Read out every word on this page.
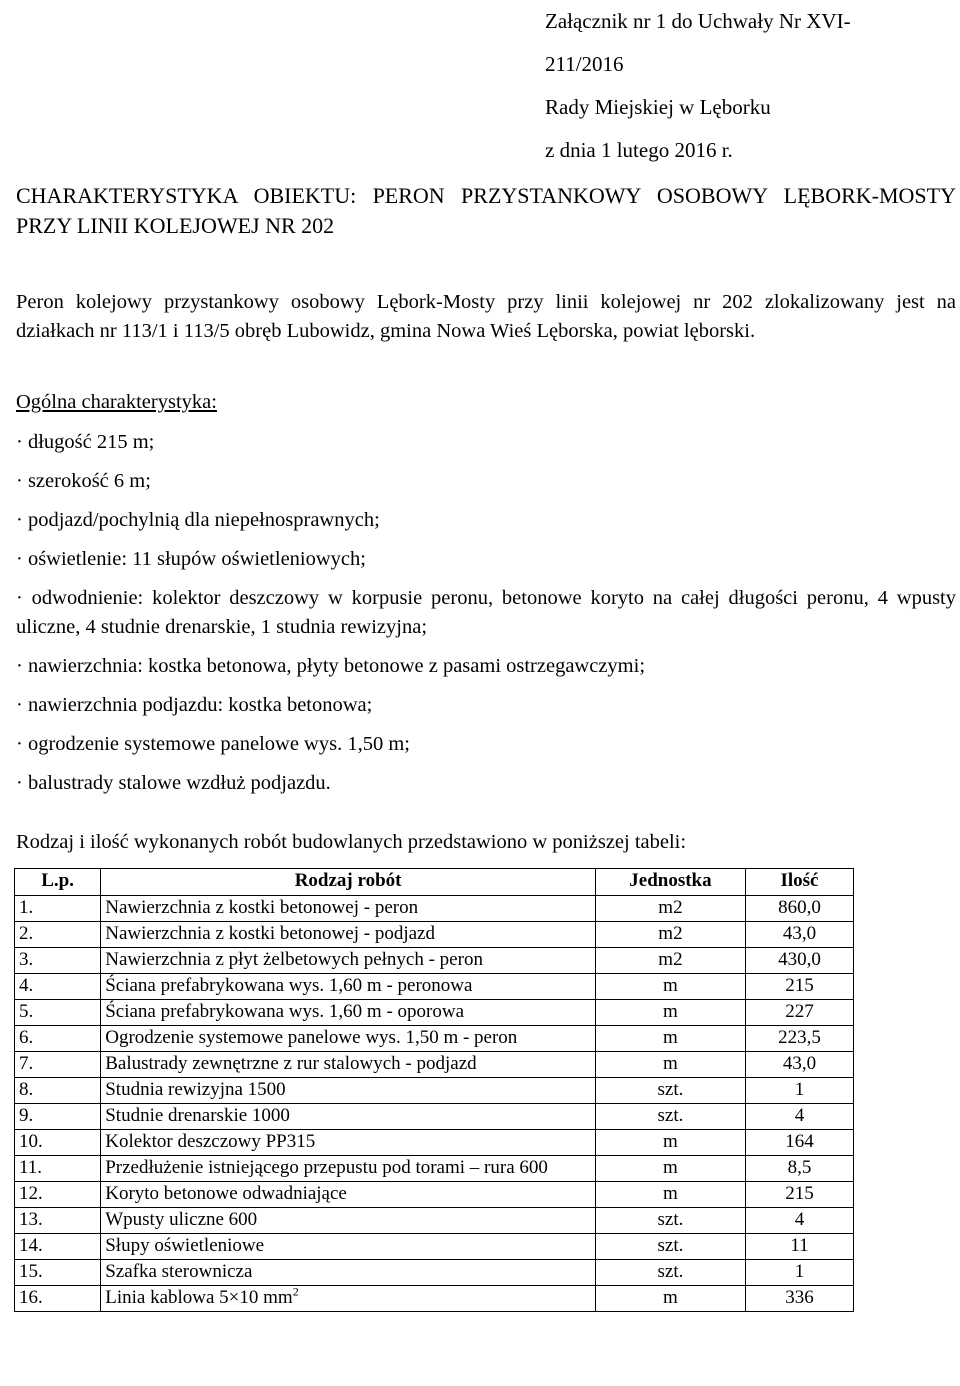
Załącznik nr 1 do Uchwały Nr XVI-
211/2016
Rady Miejskiej w Lęborku
z dnia 1 lutego 2016 r.
CHARAKTERYSTYKA OBIEKTU: PERON PRZYSTANKOWY OSOBOWY LĘBORK-MOSTY PRZY LINII KOLEJOWEJ NR 202
Peron kolejowy przystankowy osobowy Lębork-Mosty przy linii kolejowej nr 202 zlokalizowany jest na działkach nr 113/1 i 113/5 obręb Lubowidz, gmina Nowa Wieś Lęborska, powiat lęborski.
Ogólna charakterystyka:
· długość 215 m;
· szerokość 6 m;
· podjazd/pochylnią dla niepełnosprawnych;
· oświetlenie: 11 słupów oświetleniowych;
· odwodnienie: kolektor deszczowy w korpusie peronu, betonowe koryto na całej długości peronu, 4 wpusty uliczne, 4 studnie drenarskie, 1 studnia rewizyjna;
· nawierzchnia: kostka betonowa, płyty betonowe z pasami ostrzegawczymi;
· nawierzchnia podjazdu: kostka betonowa;
· ogrodzenie systemowe panelowe wys. 1,50 m;
· balustrady stalowe wzdłuż podjazdu.
Rodzaj i ilość wykonanych robót budowlanych przedstawiono w poniższej tabeli:
L.p.	Rodzaj robót	Jednostka	Ilość
1.	Nawierzchnia z kostki betonowej - peron	m2	860,0
2.	Nawierzchnia z kostki betonowej - podjazd	m2	43,0
3.	Nawierzchnia z płyt żelbetowych pełnych - peron	m2	430,0
4.	Ściana prefabrykowana wys. 1,60 m - peronowa	m	215
5.	Ściana prefabrykowana wys. 1,60 m - oporowa	m	227
6.	Ogrodzenie systemowe panelowe wys. 1,50 m - peron	m	223,5
7.	Balustrady zewnętrzne z rur stalowych - podjazd	m	43,0
8.	Studnia rewizyjna 1500	szt.	1
9.	Studnie drenarskie 1000	szt.	4
10.	Kolektor deszczowy PP315	m	164
11.	Przedłużenie istniejącego przepustu pod torami – rura 600	m	8,5
12.	Koryto betonowe odwadniające	m	215
13.	Wpusty uliczne 600	szt.	4
14.	Słupy oświetleniowe	szt.	11
15.	Szafka sterownicza	szt.	1
16.	Linia kablowa 5×10 $mm^2$	m	336
